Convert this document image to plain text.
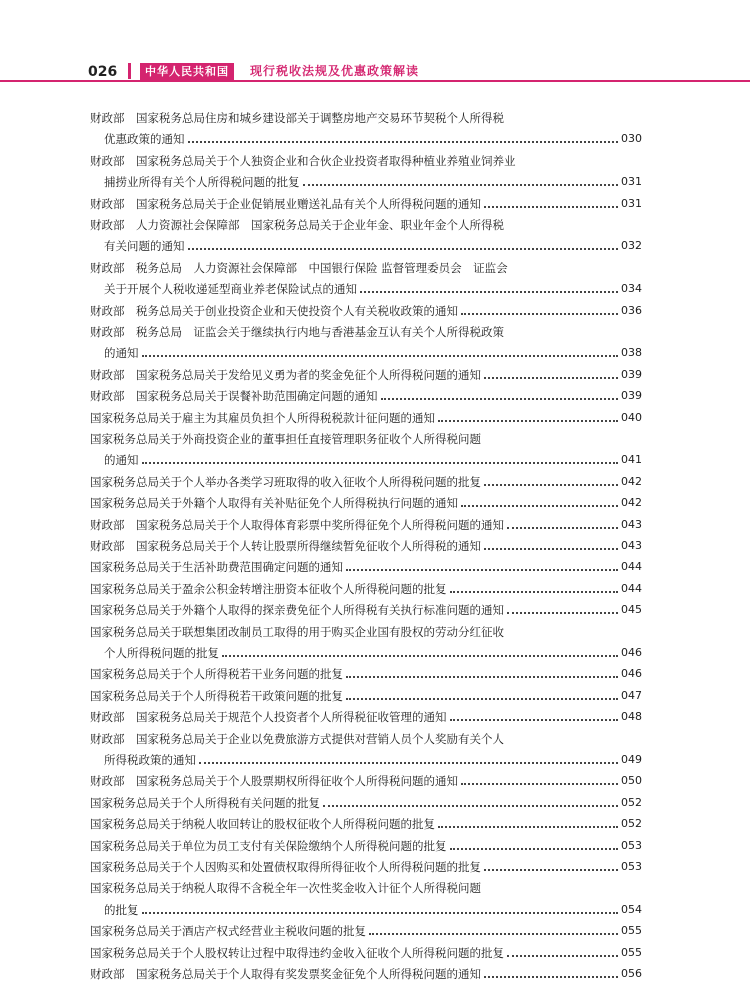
026	中华人民共和国	现行税收法规及优惠政策解读
财政部　国家税务总局住房和城乡建设部关于调整房地产交易环节契税个人所得税
优惠政策的通知	030
财政部　国家税务总局关于个人独资企业和合伙企业投资者取得种植业养殖业饲养业
捕捞业所得有关个人所得税问题的批复	031
财政部　国家税务总局关于企业促销展业赠送礼品有关个人所得税问题的通知	031
财政部　人力资源社会保障部　国家税务总局关于企业年金、职业年金个人所得税
有关问题的通知	032
财政部　税务总局　人力资源社会保障部　中国银行保险 监督管理委员会　证监会
关于开展个人税收递延型商业养老保险试点的通知	034
财政部　税务总局关于创业投资企业和天使投资个人有关税收政策的通知	036
财政部　税务总局　证监会关于继续执行内地与香港基金互认有关个人所得税政策
的通知	038
财政部　国家税务总局关于发给见义勇为者的奖金免征个人所得税问题的通知	039
财政部　国家税务总局关于误餐补助范围确定问题的通知	039
国家税务总局关于雇主为其雇员负担个人所得税税款计征问题的通知	040
国家税务总局关于外商投资企业的董事担任直接管理职务征收个人所得税问题
的通知	041
国家税务总局关于个人举办各类学习班取得的收入征收个人所得税问题的批复	042
国家税务总局关于外籍个人取得有关补贴征免个人所得税执行问题的通知	042
财政部　国家税务总局关于个人取得体育彩票中奖所得征免个人所得税问题的通知	043
财政部　国家税务总局关于个人转让股票所得继续暂免征收个人所得税的通知	043
国家税务总局关于生活补助费范围确定问题的通知	044
国家税务总局关于盈余公积金转增注册资本征收个人所得税问题的批复	044
国家税务总局关于外籍个人取得的探亲费免征个人所得税有关执行标准问题的通知	045
国家税务总局关于联想集团改制员工取得的用于购买企业国有股权的劳动分红征收
个人所得税问题的批复	046
国家税务总局关于个人所得税若干业务问题的批复	046
国家税务总局关于个人所得税若干政策问题的批复	047
财政部　国家税务总局关于规范个人投资者个人所得税征收管理的通知	048
财政部　国家税务总局关于企业以免费旅游方式提供对营销人员个人奖励有关个人
所得税政策的通知	049
财政部　国家税务总局关于个人股票期权所得征收个人所得税问题的通知	050
国家税务总局关于个人所得税有关问题的批复	052
国家税务总局关于纳税人收回转让的股权征收个人所得税问题的批复	052
国家税务总局关于单位为员工支付有关保险缴纳个人所得税问题的批复	053
国家税务总局关于个人因购买和处置债权取得所得征收个人所得税问题的批复	053
国家税务总局关于纳税人取得不含税全年一次性奖金收入计征个人所得税问题
的批复	054
国家税务总局关于酒店产权式经营业主税收问题的批复	055
国家税务总局关于个人股权转让过程中取得违约金收入征收个人所得税问题的批复	055
财政部　国家税务总局关于个人取得有奖发票奖金征免个人所得税问题的通知	056
